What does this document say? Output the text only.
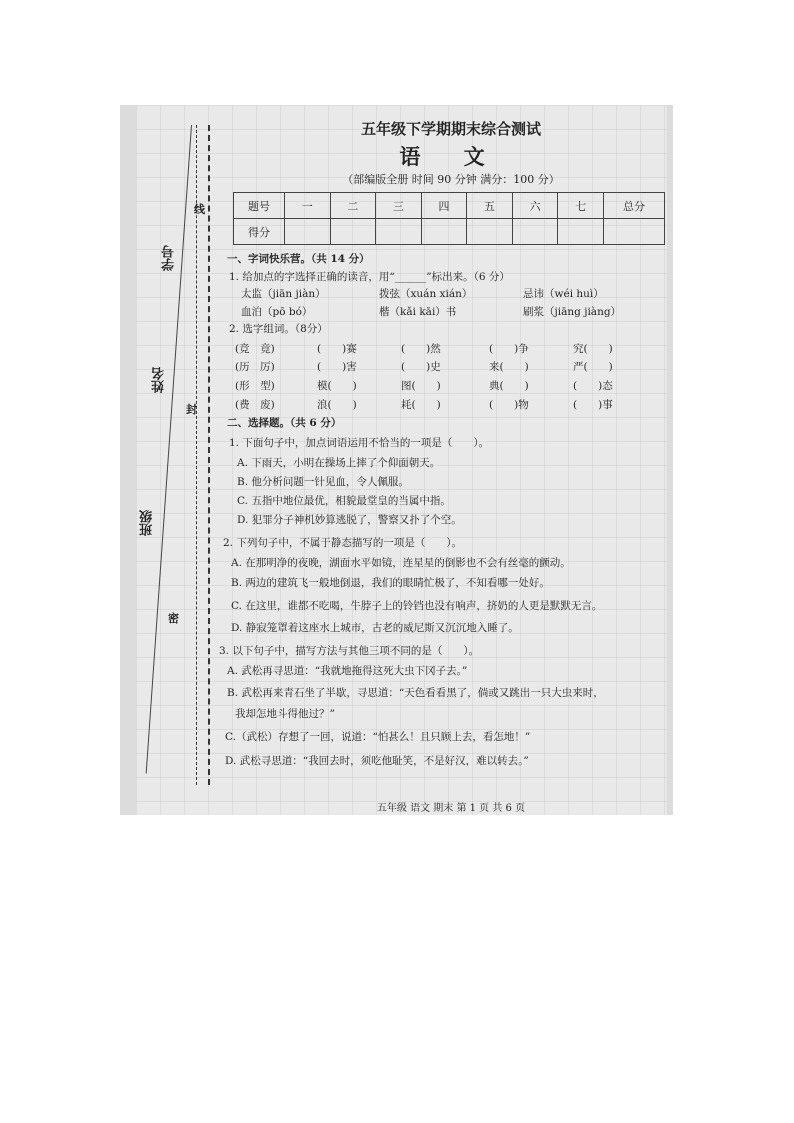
学号
姓名
班级
线
封
密
五年级下学期期末综合测试
语 文
（部编版全册 时间 90 分钟 满分：100 分）
题号	一	二	三	四	五	六	七	总分
得分								
一、字词快乐营。（共 14 分）
1. 给加点的字选择正确的读音，用“______”标出来。（6 分）
太监（jiān jiàn）	拨弦（xuán xián）	忌讳（wéi huì）
血泊（pō bó）	楷（kǎi kāi）书	刷浆（jiāng jiàng）
2. 选字组词。（8分）
(竞　竟)	(　　)赛	(　　)然	(　　)争	究(　　)
(历　厉)	(　　)害	(　　)史	来(　　)	严(　　)
(形　型)	模(　　)	图(　　)	典(　　)	(　　)态
(费　废)	浪(　　)	耗(　　)	(　　)物	(　　)事
二、选择题。（共 6 分）
1. 下面句子中，加点词语运用不恰当的一项是（　　）。
A. 下雨天，小明在操场上摔了个仰面朝天。
B. 他分析问题一针见血，令人佩服。
C. 五指中地位最优，相貌最堂皇的当属中指。
D. 犯罪分子神机妙算逃脱了，警察又扑了个空。
2. 下列句子中，不属于静态描写的一项是（　　）。
A. 在那明净的夜晚，湖面水平如镜，连星星的倒影也不会有丝毫的颤动。
B. 两边的建筑飞一般地倒退，我们的眼睛忙极了，不知看哪一处好。
C. 在这里，谁都不吃喝，牛脖子上的铃铛也没有响声，挤奶的人更是默默无言。
D. 静寂笼罩着这座水上城市，古老的威尼斯又沉沉地入睡了。
3. 以下句子中，描写方法与其他三项不同的是（　　）。
A. 武松再寻思道：“我就地拖得这死大虫下冈子去。”
B. 武松再来青石坐了半歇，寻思道：“天色看看黑了，倘或又跳出一只大虫来时，
我却怎地斗得他过？”
C.（武松）存想了一回，说道：“怕甚么！且只顾上去，看怎地！”
D. 武松寻思道：“我回去时，须吃他耻笑，不是好汉，难以转去。”
五年级 语文 期末 第 1 页 共 6 页
